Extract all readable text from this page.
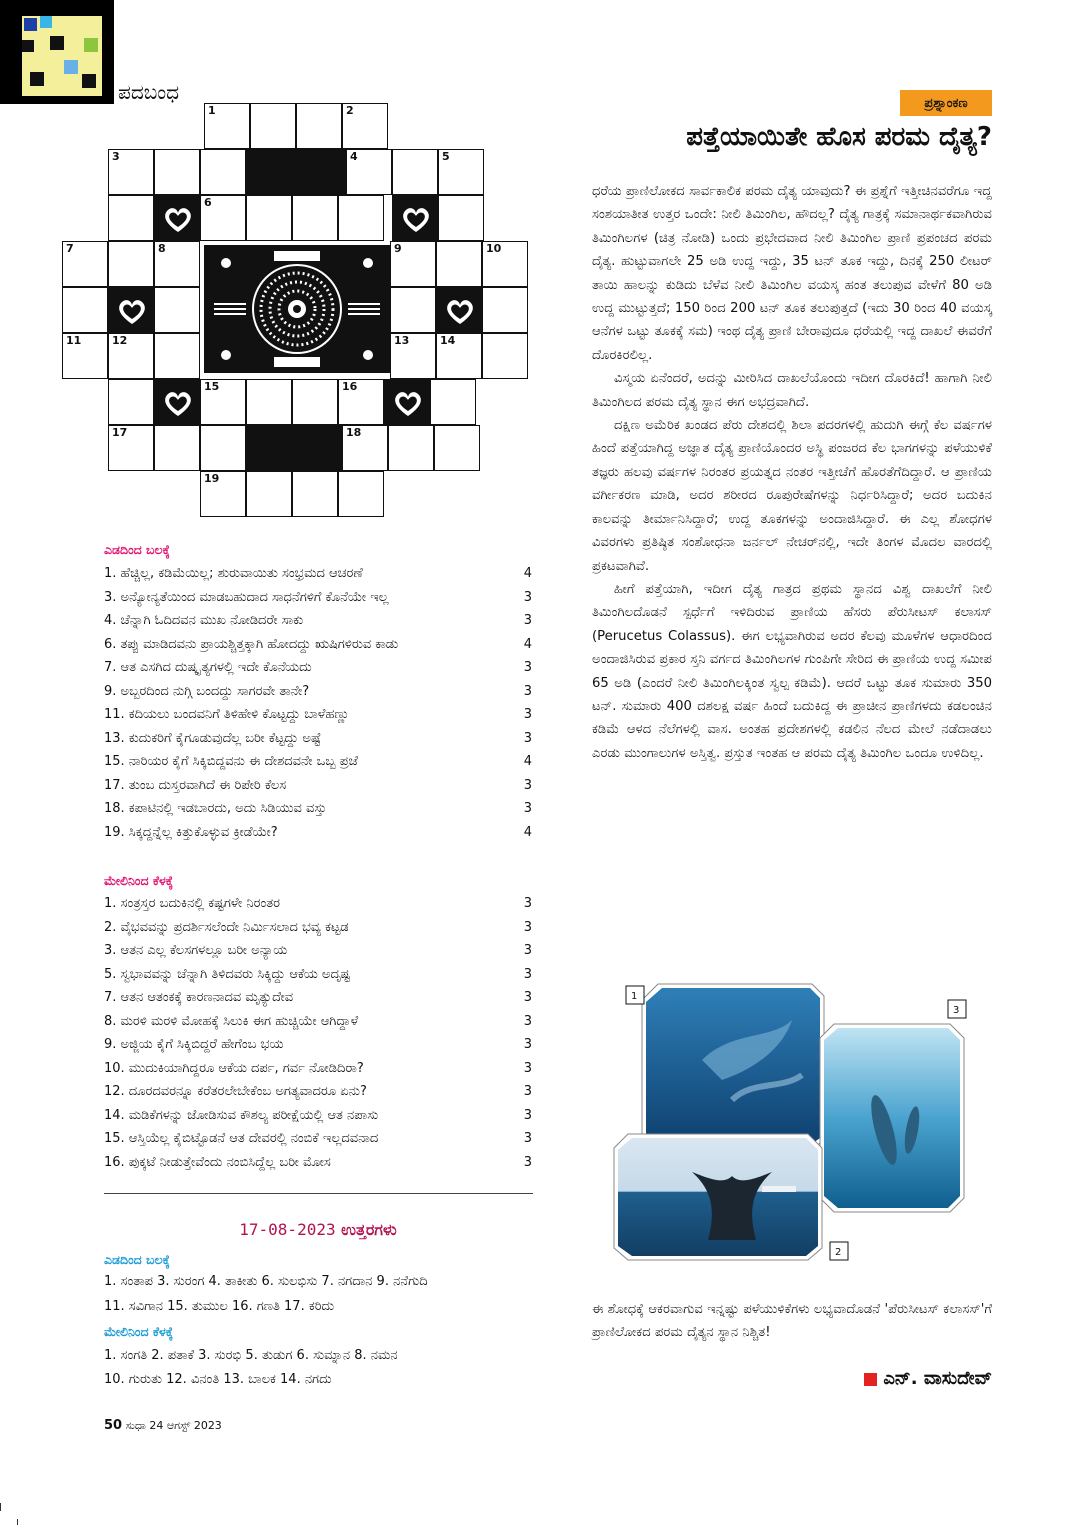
ಪದಬಂಧ
1	2
3	4	5
6
7	8	9	10
11	12	13	14
15	16
17	18
19
ಎಡದಿಂದ ಬಲಕ್ಕೆ
1. ಹೆಚ್ಚಿಲ್ಲ, ಕಡಿಮೆಯಿಲ್ಲ; ಶುರುವಾಯಿತು ಸಂಭ್ರಮದ ಆಚರಣೆ	4
3. ಅನ್ಯೋನ್ಯತೆಯಿಂದ ಮಾಡಬಹುದಾದ ಸಾಧನೆಗಳಿಗೆ ಕೊನೆಯೇ ಇಲ್ಲ	3
4. ಚೆನ್ನಾಗಿ ಓದಿದವನ ಮುಖ ನೋಡಿದರೇ ಸಾಕು	3
6. ತಪ್ಪು ಮಾಡಿದವನು ಪ್ರಾಯಶ್ಚಿತ್ತಕ್ಕಾಗಿ ಹೋದದ್ದು ಋಷಿಗಳಿರುವ ಕಾಡು	4
7. ಆತ ಎಸಗಿದ ದುಷ್ಕೃತ್ಯಗಳಲ್ಲಿ ಇದೇ ಕೊನೆಯದು	3
9. ಅಬ್ಬರದಿಂದ ನುಗ್ಗಿ ಬಂದದ್ದು ಸಾಗರವೇ ತಾನೇ?	3
11. ಕದಿಯಲು ಬಂದವನಿಗೆ ತಿಳಿಹೇಳಿ ಕೊಟ್ಟದ್ದು ಬಾಳೆಹಣ್ಣು	3
13. ಕುದುಕರಿಗೆ ಕೈಗೂಡುವುದೆಲ್ಲ ಬರೀ ಕೆಟ್ಟದ್ದು ಅಷ್ಟೆ	3
15. ನಾರಿಯರ ಕೈಗೆ ಸಿಕ್ಕಿಬಿದ್ದವನು ಈ ದೇಶದವನೇ ಒಬ್ಬ ಪ್ರಜೆ	4
17. ತುಂಬ ದುಸ್ತರವಾಗಿದೆ ಈ ರಿಪೇರಿ ಕೆಲಸ	3
18. ಕಪಾಟಿನಲ್ಲಿ ಇಡಬಾರದು, ಅದು ಸಿಡಿಯುವ ವಸ್ತು	3
19. ಸಿಕ್ಕದ್ದನ್ನೆಲ್ಲ ಕಿತ್ತುಕೊಳ್ಳುವ ಕ್ರೀಡೆಯೇ?	4
ಮೇಲಿನಿಂದ ಕೆಳಕ್ಕೆ
1. ಸಂತ್ರಸ್ತರ ಬದುಕಿನಲ್ಲಿ ಕಷ್ಟಗಳೇ ನಿರಂತರ	3
2. ವೈಭವವನ್ನು ಪ್ರದರ್ಶಿಸಲೆಂದೇ ನಿರ್ಮಿಸಲಾದ ಭವ್ಯ ಕಟ್ಟಡ	3
3. ಆತನ ಎಲ್ಲ ಕೆಲಸಗಳಲ್ಲೂ ಬರೀ ಅನ್ಯಾಯ	3
5. ಸ್ವಭಾವವನ್ನು ಚೆನ್ನಾಗಿ ತಿಳಿದವರು ಸಿಕ್ಕಿದ್ದು ಆಕೆಯ ಅದೃಷ್ಟ	3
7. ಆತನ ಆತಂಕಕ್ಕೆ ಕಾರಣನಾದವ ಮೃತ್ಯುದೇವ	3
8. ಮರಳಿ ಮರಳಿ ಮೋಹಕ್ಕೆ ಸಿಲುಕಿ ಈಗ ಹುಚ್ಚಿಯೇ ಆಗಿದ್ದಾಳೆ	3
9. ಅಜ್ಜಿಯ ಕೈಗೆ ಸಿಕ್ಕಿಬಿದ್ದರೆ ಹೇಗೆಂಬ ಭಯ	3
10. ಮುದುಕಿಯಾಗಿದ್ದರೂ ಆಕೆಯ ದರ್ಪ, ಗರ್ವ ನೋಡಿದಿರಾ?	3
12. ದೂರದವರನ್ನೂ ಕರೆತರಲೇಬೇಕೆಂಬ ಅಗತ್ಯವಾದರೂ ಏನು?	3
14. ಮಡಿಕೆಗಳನ್ನು ಜೋಡಿಸುವ ಕೌಶಲ್ಯ ಪರೀಕ್ಷೆಯಲ್ಲಿ ಆತ ನಪಾಸು	3
15. ಆಸ್ತಿಯೆಲ್ಲ ಕೈಬಿಟ್ಟೊಡನೆ ಆತ ದೇವರಲ್ಲಿ ನಂಬಿಕೆ ಇಲ್ಲದವನಾದ	3
16. ಪುಕ್ಕಟೆ ನೀಡುತ್ತೇವೆಂದು ನಂಬಿಸಿದ್ದೆಲ್ಲ ಬರೀ ಮೋಸ	3
17-08-2023 ಉತ್ತರಗಳು
ಎಡದಿಂದ ಬಲಕ್ಕೆ
1. ಸಂತಾಪ 3. ಸುರಂಗ 4. ತಾಕೀತು 6. ಸುಲಭಿಸು 7. ನಗದಾನ 9. ನನೆಗುದಿ
11. ಸವಿಗಾನ 15. ತುಮುಲ 16. ಗಣತಿ 17. ಕರಿದು
ಮೇಲಿನಿಂದ ಕೆಳಕ್ಕೆ
1. ಸಂಗತಿ 2. ಪತಾಕೆ 3. ಸುರಭಿ 5. ತುಡುಗ 6. ಸುಮ್ನಾನ 8. ನಮನ
10. ಗುರುತು 12. ವಿನಂತಿ 13. ಬಾಲಕ 14. ನಗದು
50 ಸುಧಾ 24 ಆಗಸ್ಟ್ 2023
ಪ್ರಶ್ನಾಂಕಣ
ಪತ್ತೆಯಾಯಿತೇ ಹೊಸ ಪರಮ ದೈತ್ಯ?

ಧರೆಯ ಪ್ರಾಣಿಲೋಕದ ಸಾರ್ವಕಾಲಿಕ ಪರಮ ದೈತ್ಯ ಯಾವುದು? ಈ ಪ್ರಶ್ನೆಗೆ ಇತ್ತೀಚಿನವರೆಗೂ ಇದ್ದ ಸಂಶಯಾತೀತ ಉತ್ತರ ಒಂದೇ: ನೀಲಿ ತಿಮಿಂಗಿಲ, ಹೌದಲ್ಲ? ದೈತ್ಯ ಗಾತ್ರಕ್ಕೆ ಸಮಾನಾರ್ಥಕವಾಗಿರುವ ತಿಮಿಂಗಿಲಗಳ (ಚಿತ್ರ ನೋಡಿ) ಒಂದು ಪ್ರಭೇದವಾದ ನೀಲಿ ತಿಮಿಂಗಿಲ ಪ್ರಾಣಿ ಪ್ರಪಂಚದ ಪರಮ ದೈತ್ಯ. ಹುಟ್ಟುವಾಗಲೇ 25 ಅಡಿ ಉದ್ದ ಇದ್ದು, 35 ಟನ್ ತೂಕ ಇದ್ದು, ದಿನಕ್ಕೆ 250 ಲೀಟರ್ ತಾಯಿ ಹಾಲನ್ನು ಕುಡಿದು ಬೆಳೆವ ನೀಲಿ ತಿಮಿಂಗಿಲ ವಯಸ್ಕ ಹಂತ ತಲುಪುವ ವೇಳೆಗೆ 80 ಅಡಿ ಉದ್ದ ಮುಟ್ಟುತ್ತದೆ; 150 ರಿಂದ 200 ಟನ್ ತೂಕ ತಲುಪುತ್ತದೆ (ಇದು 30 ರಿಂದ 40 ವಯಸ್ಕ ಆನೆಗಳ ಒಟ್ಟು ತೂಕಕ್ಕೆ ಸಮ) ಇಂಥ ದೈತ್ಯ ಪ್ರಾಣಿ ಬೇರಾವುದೂ ಧರೆಯಲ್ಲಿ ಇದ್ದ ದಾಖಲೆ ಈವರೆಗೆ ದೊರಕಿರಲಿಲ್ಲ.

ವಿಸ್ಮಯ ಏನೆಂದರೆ, ಅದನ್ನು ಮೀರಿಸಿದ ದಾಖಲೆಯೊಂದು ಇದೀಗ ದೊರಕಿದೆ! ಹಾಗಾಗಿ ನೀಲಿ ತಿಮಿಂಗಿಲದ ಪರಮ ದೈತ್ಯ ಸ್ಥಾನ ಈಗ ಅಭದ್ರವಾಗಿದೆ.

ದಕ್ಷಿಣ ಅಮೆರಿಕ ಖಂಡದ ಪೆರು ದೇಶದಲ್ಲಿ ಶಿಲಾ ಪದರಗಳಲ್ಲಿ ಹುದುಗಿ ಈಗ್ಗೆ ಕೆಲ ವರ್ಷಗಳ ಹಿಂದೆ ಪತ್ತೆಯಾಗಿದ್ದ ಅಜ್ಞಾತ ದೈತ್ಯ ಪ್ರಾಣಿಯೊಂದರ ಅಸ್ಥಿ ಪಂಜರದ ಕೆಲ ಭಾಗಗಳನ್ನು ಪಳೆಯುಳಿಕೆ ತಜ್ಞರು ಹಲವು ವರ್ಷಗಳ ನಿರಂತರ ಪ್ರಯತ್ನದ ನಂತರ ಇತ್ತೀಚೆಗೆ ಹೊರತೆಗೆದಿದ್ದಾರೆ. ಆ ಪ್ರಾಣಿಯ ವರ್ಗೀಕರಣ ಮಾಡಿ, ಅದರ ಶರೀರದ ರೂಪುರೇಷೆಗಳನ್ನು ನಿರ್ಧರಿಸಿದ್ದಾರೆ; ಅದರ ಬದುಕಿನ ಕಾಲವನ್ನು ತೀರ್ಮಾನಿಸಿದ್ದಾರೆ; ಉದ್ದ ತೂಕಗಳನ್ನು ಅಂದಾಜಿಸಿದ್ದಾರೆ. ಈ ಎಲ್ಲ ಶೋಧಗಳ ವಿವರಗಳು ಪ್ರತಿಷ್ಠಿತ ಸಂಶೋಧನಾ ಜರ್ನಲ್ ನೇಚರ್‌ನಲ್ಲಿ, ಇದೇ ತಿಂಗಳ ಮೊದಲ ವಾರದಲ್ಲಿ ಪ್ರಕಟವಾಗಿವೆ.

ಹೀಗೆ ಪತ್ತೆಯಾಗಿ, ಇದೀಗ ದೈತ್ಯ ಗಾತ್ರದ ಪ್ರಥಮ ಸ್ಥಾನದ ವಿಶ್ವ ದಾಖಲೆಗೆ ನೀಲಿ ತಿಮಿಂಗಿಲದೊಡನೆ ಸ್ಪರ್ಧೆಗೆ ಇಳಿದಿರುವ ಪ್ರಾಣಿಯ ಹೆಸರು ಪೆರುಸೀಟಸ್ ಕಲಾಸಸ್ (Perucetus Colassus). ಈಗ ಲಭ್ಯವಾಗಿರುವ ಅದರ ಕೆಲವು ಮೂಳೆಗಳ ಆಧಾರದಿಂದ ಅಂದಾಜಿಸಿರುವ ಪ್ರಕಾರ ಸ್ತನಿ ವರ್ಗದ ತಿಮಿಂಗಿಲಗಳ ಗುಂಪಿಗೇ ಸೇರಿದ ಈ ಪ್ರಾಣಿಯ ಉದ್ದ ಸಮೀಪ 65 ಅಡಿ (ಎಂದರೆ ನೀಲಿ ತಿಮಿಂಗಿಲಕ್ಕಿಂತ ಸ್ವಲ್ಪ ಕಡಿಮೆ). ಆದರೆ ಒಟ್ಟು ತೂಕ ಸುಮಾರು 350 ಟನ್. ಸುಮಾರು 400 ದಶಲಕ್ಷ ವರ್ಷ ಹಿಂದೆ ಬದುಕಿದ್ದ ಈ ಪ್ರಾಚೀನ ಪ್ರಾಣಿಗಳದು ಕಡಲಂಚಿನ ಕಡಿಮೆ ಆಳದ ನೆಲೆಗಳಲ್ಲಿ ವಾಸ. ಅಂತಹ ಪ್ರದೇಶಗಳಲ್ಲಿ ಕಡಲಿನ ನೆಲದ ಮೇಲೆ ನಡೆದಾಡಲು ಎರಡು ಮುಂಗಾಲುಗಳ ಅಸ್ತಿತ್ವ. ಪ್ರಸ್ತುತ ಇಂತಹ ಆ ಪರಮ ದೈತ್ಯ ತಿಮಿಂಗಿಲ ಒಂದೂ ಉಳಿದಿಲ್ಲ.

1
2
3
ಈ ಶೋಧಕ್ಕೆ ಆಕರವಾಗುವ ಇನ್ನಷ್ಟು ಪಳೆಯುಳಿಕೆಗಳು ಲಭ್ಯವಾದೊಡನೆ 'ಪೆರುಸೀಟಸ್ ಕಲಾಸಸ್'ಗೆ ಪ್ರಾಣಿಲೋಕದ ಪರಮ ದೈತ್ಯನ ಸ್ಥಾನ ನಿಶ್ಚಿತ!
ಎನ್. ವಾಸುದೇವ್
